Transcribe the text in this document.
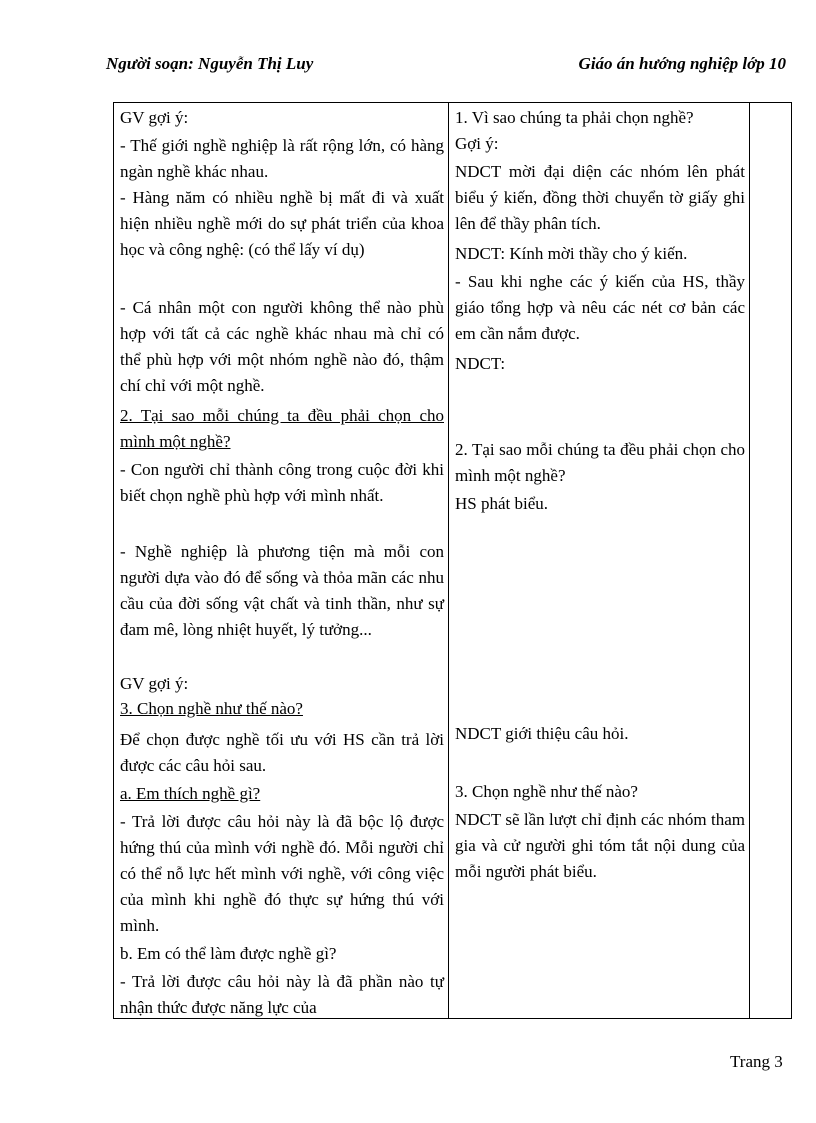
Người soạn: Nguyễn Thị Luy	Giáo án hướng nghiệp lớp 10
GV gợi ý:
- Thế giới nghề nghiệp là rất rộng lớn, có hàng ngàn nghề khác nhau.
- Hàng năm có nhiều nghề bị mất đi và xuất hiện nhiều nghề mới do sự phát triển của khoa học và công nghệ: (có thể lấy ví dụ)
- Cá nhân một con người không thể nào phù hợp với tất cả các nghề khác nhau mà chỉ có thể phù hợp với một nhóm nghề nào đó, thậm chí chỉ với một nghề.
2. Tại sao mỗi chúng ta đều phải chọn cho mình một nghề?
- Con người chỉ thành công trong cuộc đời khi biết chọn nghề phù hợp với mình nhất.
- Nghề nghiệp là phương tiện mà mỗi con người dựa vào đó để sống và thỏa mãn các nhu cầu của đời sống vật chất và tinh thần, như sự đam mê, lòng nhiệt huyết, lý tưởng...
GV gợi ý:
3. Chọn nghề như thế nào?
Để chọn được nghề tối ưu với HS cần trả lời được các câu hỏi sau.
a. Em thích nghề gì?
- Trả lời được câu hỏi này là đã bộc lộ được hứng thú của mình với nghề đó. Mỗi người chỉ có thể nỗ lực hết mình với nghề, với công việc của mình khi nghề đó thực sự hứng thú với mình.
b. Em có thể làm được nghề gì?
- Trả lời được câu hỏi này là đã phần nào tự nhận thức được năng lực của
1. Vì sao chúng ta phải chọn nghề?
Gợi ý:
NDCT mời đại diện các nhóm lên phát biểu ý kiến, đồng thời chuyển tờ giấy ghi lên để thầy phân tích.
NDCT: Kính mời thầy cho ý kiến.
- Sau khi nghe các ý kiến của HS, thầy giáo tổng hợp và nêu các nét cơ bản các em cần nắm được.
NDCT:
2. Tại sao mỗi chúng ta đều phải chọn cho mình một nghề?
HS phát biểu.
NDCT giới thiệu câu hỏi.
3. Chọn nghề như thế nào?
NDCT sẽ lần lượt chỉ định các nhóm tham gia và cử người ghi tóm tắt nội dung của mỗi người phát biểu.
Trang 3
